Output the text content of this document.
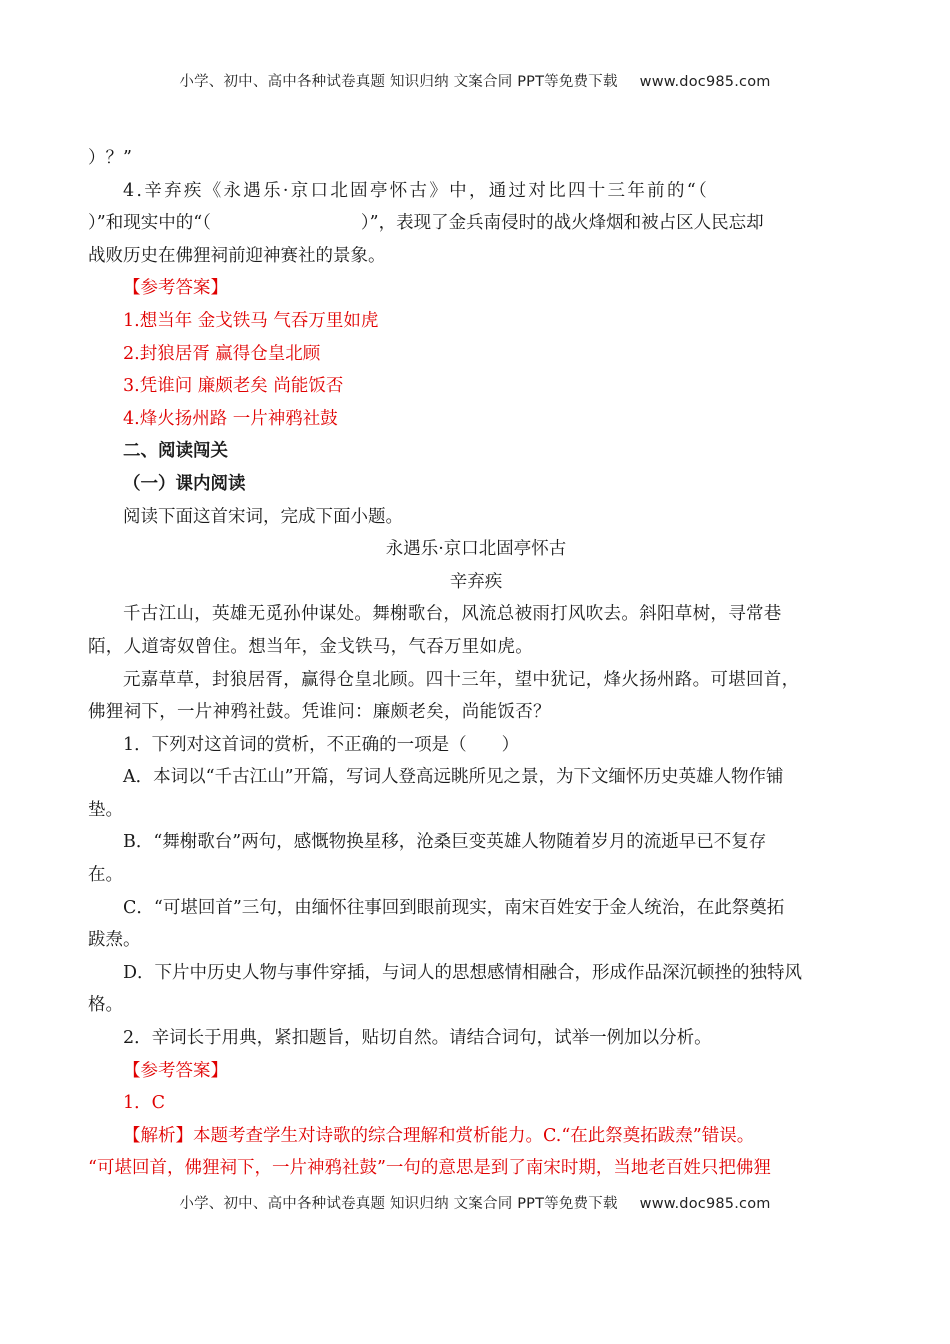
小学、初中、高中各种试卷真题 知识归纳 文案合同 PPT等免费下载 www.doc985.com

）？”

4.辛弃疾《永遇乐·京口北固亭怀古》中，通过对比四十三年前的“（

）”和现实中的“（	）”，表现了金兵南侵时的战火烽烟和被占区人民忘却

战败历史在佛狸祠前迎神赛社的景象。

【参考答案】

1.想当年 金戈铁马 气吞万里如虎

2.封狼居胥 赢得仓皇北顾

3.凭谁问 廉颇老矣 尚能饭否

4.烽火扬州路 一片神鸦社鼓

二、阅读闯关

（一）课内阅读

阅读下面这首宋词，完成下面小题。

永遇乐·京口北固亭怀古

辛弃疾

千古江山，英雄无觅孙仲谋处。舞榭歌台，风流总被雨打风吹去。斜阳草树，寻常巷

陌，人道寄奴曾住。想当年，金戈铁马，气吞万里如虎。

元嘉草草，封狼居胥，赢得仓皇北顾。四十三年，望中犹记，烽火扬州路。可堪回首，

佛狸祠下，一片神鸦社鼓。凭谁问：廉颇老矣，尚能饭否？

1．下列对这首词的赏析，不正确的一项是（　　）

A．本词以“千古江山”开篇，写词人登高远眺所见之景，为下文缅怀历史英雄人物作铺

垫。

B．“舞榭歌台”两句，感慨物换星移，沧桑巨变英雄人物随着岁月的流逝早已不复存

在。

C．“可堪回首”三句，由缅怀往事回到眼前现实，南宋百姓安于金人统治，在此祭奠拓

跋焘。

D．下片中历史人物与事件穿插，与词人的思想感情相融合，形成作品深沉顿挫的独特风

格。

2．辛词长于用典，紧扣题旨，贴切自然。请结合词句，试举一例加以分析。

【参考答案】

1．C

【解析】本题考查学生对诗歌的综合理解和赏析能力。C.“在此祭奠拓跋焘”错误。

“可堪回首，佛狸祠下，一片神鸦社鼓”一句的意思是到了南宋时期，当地老百姓只把佛狸

小学、初中、高中各种试卷真题 知识归纳 文案合同 PPT等免费下载 www.doc985.com
